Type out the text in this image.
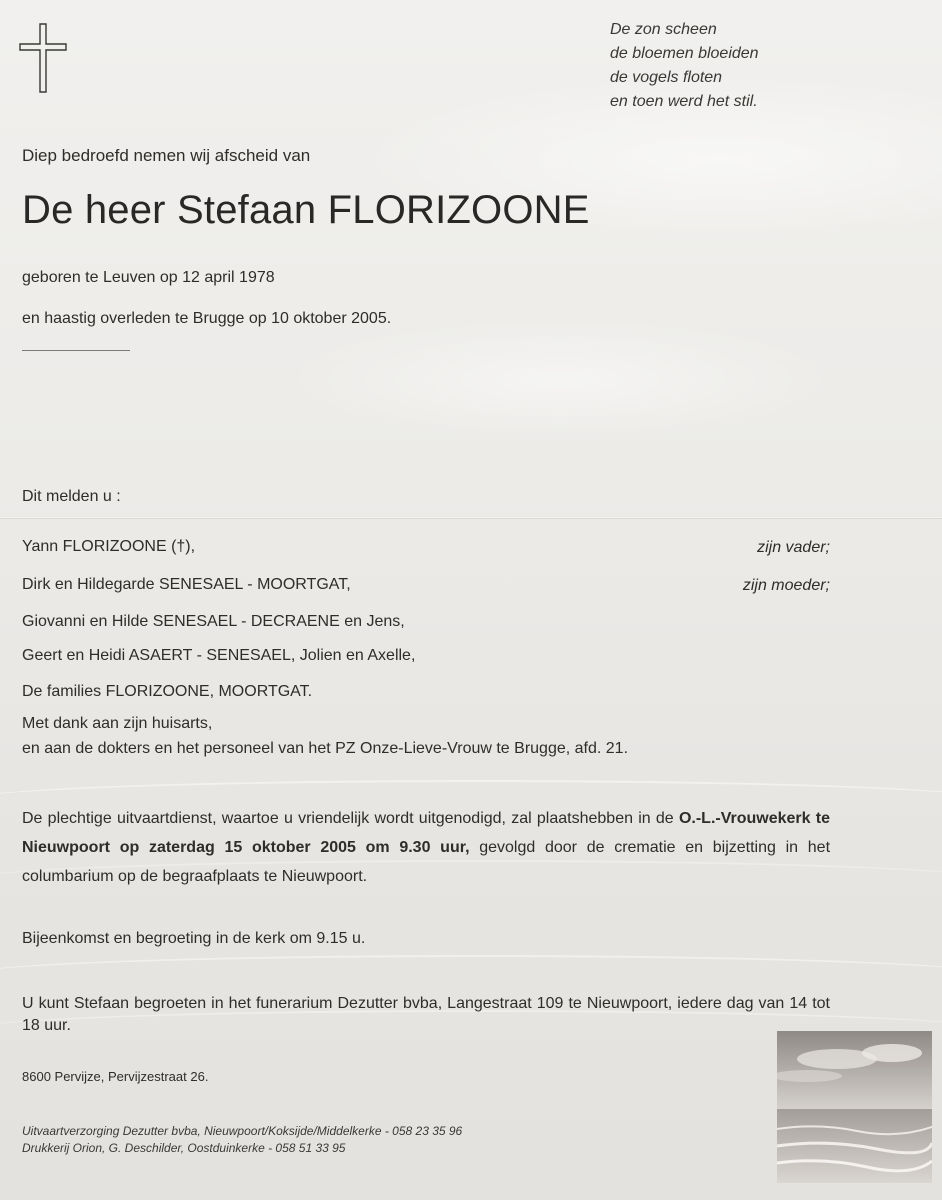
De zon scheen
de bloemen bloeiden
de vogels floten
en toen werd het stil.
Diep bedroefd nemen wij afscheid van
De heer Stefaan FLORIZOONE
geboren te Leuven op 12 april 1978
en haastig overleden te Brugge op 10 oktober 2005.
Dit melden u :
Yann FLORIZOONE (†),	zijn vader;
Dirk en Hildegarde SENESAEL - MOORTGAT,	zijn moeder;
Giovanni en Hilde SENESAEL - DECRAENE en Jens,
Geert en Heidi ASAERT - SENESAEL, Jolien en Axelle,
De families FLORIZOONE, MOORTGAT.
Met dank aan zijn huisarts,
en aan de dokters en het personeel van het PZ Onze-Lieve-Vrouw te Brugge, afd. 21.
De plechtige uitvaartdienst, waartoe u vriendelijk wordt uitgenodigd, zal plaatshebben in de O.-L.-Vrouwekerk te Nieuwpoort op zaterdag 15 oktober 2005 om 9.30 uur, gevolgd door de crematie en bijzetting in het columbarium op de begraafplaats te Nieuwpoort.
Bijeenkomst en begroeting in de kerk om 9.15 u.
U kunt Stefaan begroeten in het funerarium Dezutter bvba, Langestraat 109 te Nieuwpoort, iedere dag van 14 tot 18 uur.
8600 Pervijze, Pervijzestraat 26.
Uitvaartverzorging Dezutter bvba, Nieuwpoort/Koksijde/Middelkerke - 058 23 35 96
Drukkerij Orion, G. Deschilder, Oostduinkerke - 058 51 33 95
